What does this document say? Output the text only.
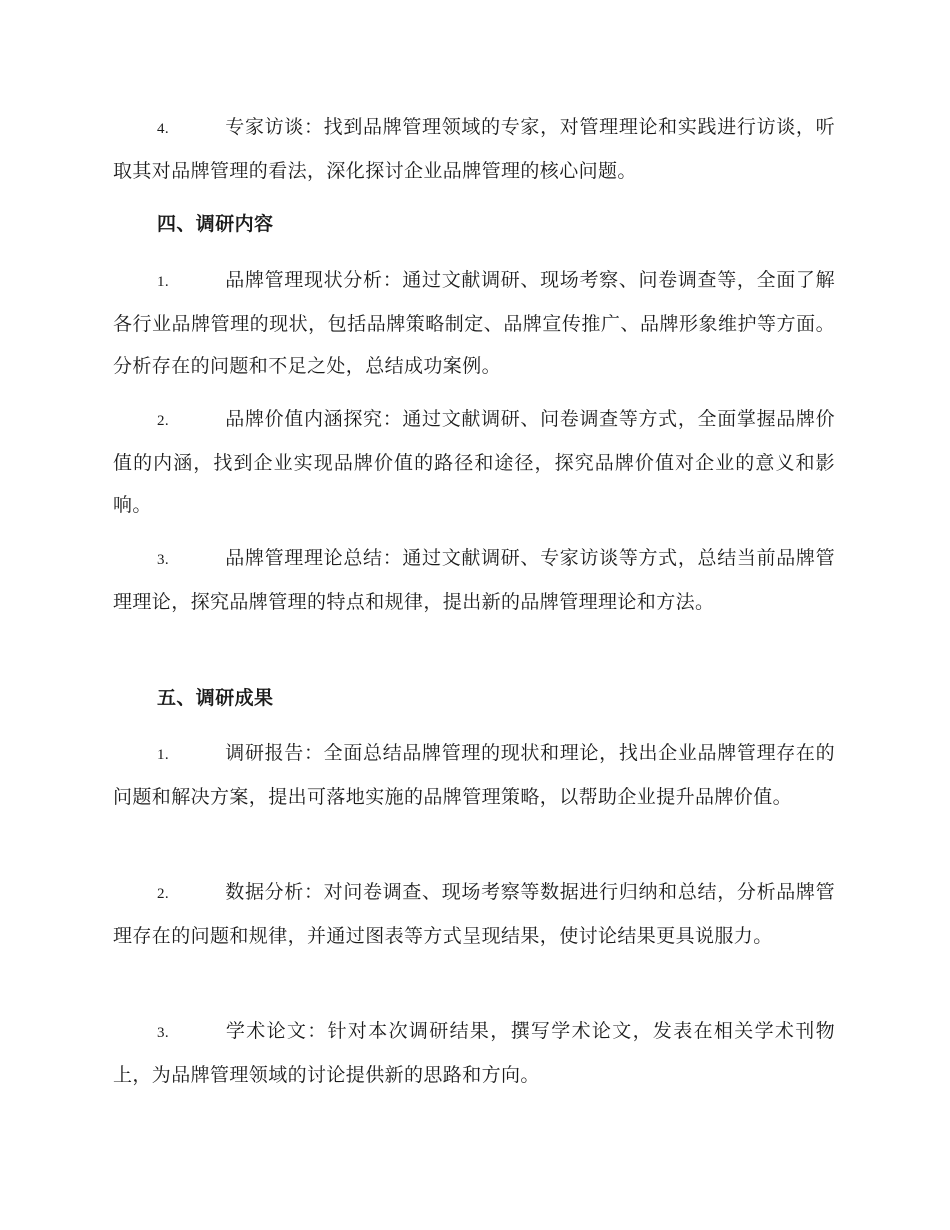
4.	专家访谈：找到品牌管理领域的专家，对管理理论和实践进行访谈，听取其对品牌管理的看法，深化探讨企业品牌管理的核心问题。

四、调研内容

1.	品牌管理现状分析：通过文献调研、现场考察、问卷调查等，全面了解各行业品牌管理的现状，包括品牌策略制定、品牌宣传推广、品牌形象维护等方面。分析存在的问题和不足之处，总结成功案例。

2.	品牌价值内涵探究：通过文献调研、问卷调查等方式，全面掌握品牌价值的内涵，找到企业实现品牌价值的路径和途径，探究品牌价值对企业的意义和影响。

3.	品牌管理理论总结：通过文献调研、专家访谈等方式，总结当前品牌管理理论，探究品牌管理的特点和规律，提出新的品牌管理理论和方法。

五、调研成果

1.	调研报告：全面总结品牌管理的现状和理论，找出企业品牌管理存在的问题和解决方案，提出可落地实施的品牌管理策略，以帮助企业提升品牌价值。

2.	数据分析：对问卷调查、现场考察等数据进行归纳和总结，分析品牌管理存在的问题和规律，并通过图表等方式呈现结果，使讨论结果更具说服力。

3.	学术论文：针对本次调研结果，撰写学术论文，发表在相关学术刊物上，为品牌管理领域的讨论提供新的思路和方向。
